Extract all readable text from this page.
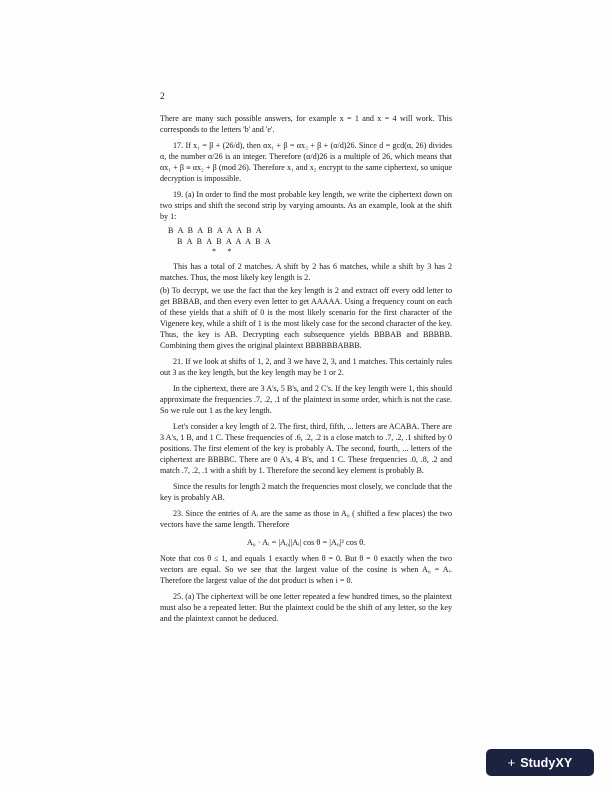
2

There are many such possible answers, for example x = 1 and x = 4 will work. This corresponds to the letters 'b' and 'e'.

17. If x₁ = β + (26/d), then αx₁ + β = αx₂ + β + (α/d)26. Since d = gcd(α, 26) divides α, the number α/26 is an integer. Therefore (α/d)26 is a multiple of 26, which means that αx₁ + β ≡ αx₂ + β (mod 26). Therefore x₁ and x₂ encrypt to the same ciphertext, so unique decryption is impossible.

19. (a) In order to find the most probable key length, we write the ciphertext down on two strips and shift the second strip by varying amounts. As an example, look at the shift by 1:

B  A  B  A  B  A  A  A  B  A
B  A  B  A  B  A  A  A  B  A
*     *

This has a total of 2 matches. A shift by 2 has 6 matches, while a shift by 3 has 2 matches. Thus, the most likely key length is 2.

(b) To decrypt, we use the fact that the key length is 2 and extract off every odd letter to get BBBAB, and then every even letter to get AAAAA. Using a frequency count on each of these yields that a shift of 0 is the most likely scenario for the first character of the Vigenere key, while a shift of 1 is the most likely case for the second character of the key. Thus, the key is AB. Decrypting each subsequence yields BBBAB and BBBBB. Combining them gives the original plaintext BBBBBBABBB.

21. If we look at shifts of 1, 2, and 3 we have 2, 3, and 1 matches. This certainly rules out 3 as the key length, but the key length may be 1 or 2.

In the ciphertext, there are 3 A's, 5 B's, and 2 C's. If the key length were 1, this should approximate the frequencies .7, .2, .1 of the plaintext in some order, which is not the case. So we rule out 1 as the key length.

Let's consider a key length of 2. The first, third, fifth, ... letters are ACABA. There are 3 A's, 1 B, and 1 C. These frequencies of .6, .2, .2 is a close match to .7, .2, .1 shifted by 0 positions. The first element of the key is probably A. The second, fourth, ... letters of the ciphertext are BBBBC. There are 0 A's, 4 B's, and 1 C. These frequencies .0, .8, .2 and match .7, .2, .1 with a shift by 1. Therefore the second key element is probably B.

Since the results for length 2 match the frequencies most closely, we conclude that the key is probably AB.

23. Since the entries of Aᵢ are the same as those in A₀ ( shifted a few places) the two vectors have the same length. Therefore

A₀ · Aᵢ = |A₀||Aᵢ| cos θ = |A₀|² cos θ.

Note that cos θ ≤ 1, and equals 1 exactly when θ = 0. But θ = 0 exactly when the two vectors are equal. So we see that the largest value of the cosine is when A₀ = Aᵢ. Therefore the largest value of the dot product is when i = 0.

25. (a) The ciphertext will be one letter repeated a few hundred times, so the plaintext must also be a repeated letter. But the plaintext could be the shift of any letter, so the key and the plaintext cannot be deduced.

+ StudyXY
